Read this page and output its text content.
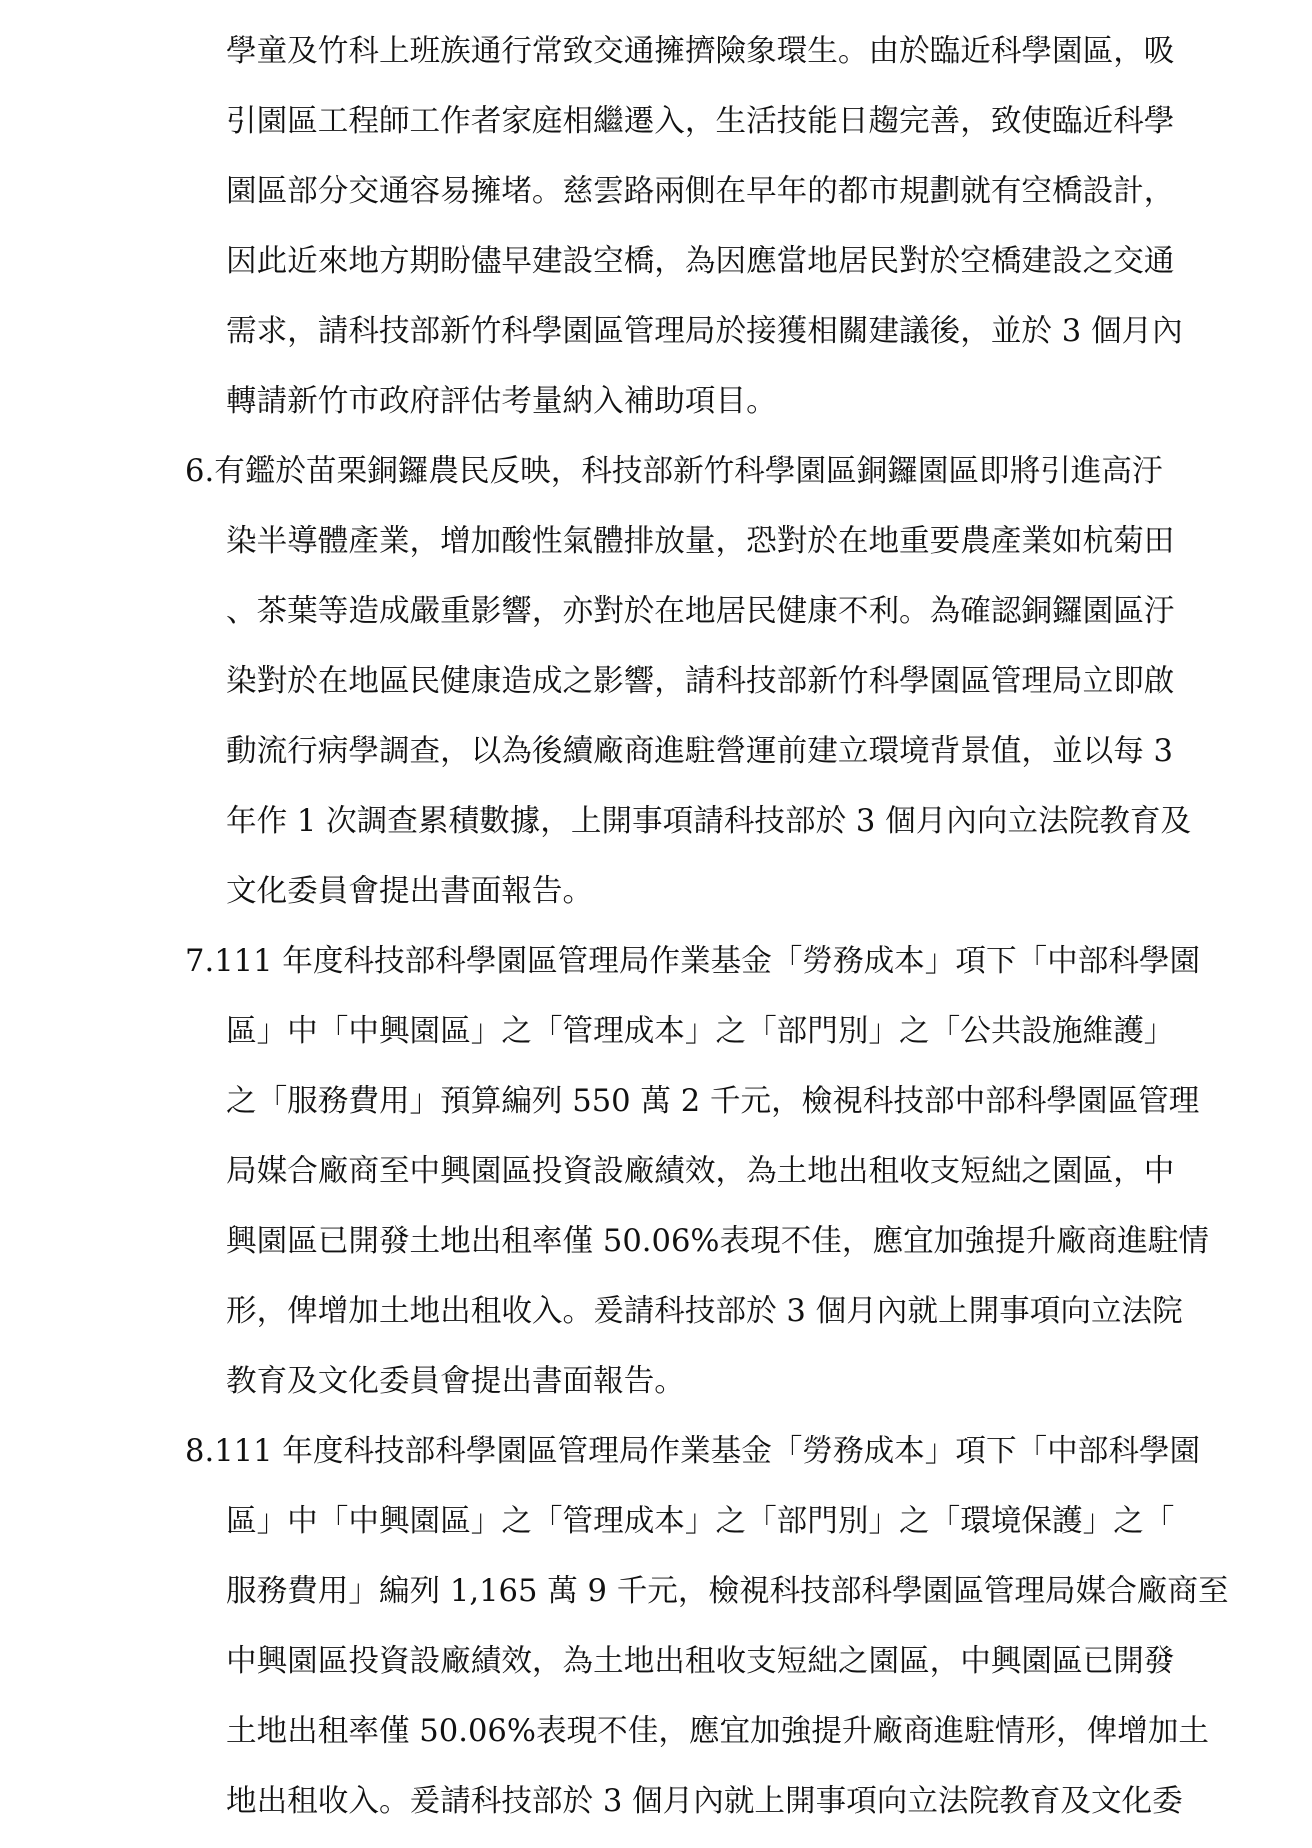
學童及竹科上班族通行常致交通擁擠險象環生。由於臨近科學園區，吸
引園區工程師工作者家庭相繼遷入，生活技能日趨完善，致使臨近科學
園區部分交通容易擁堵。慈雲路兩側在早年的都市規劃就有空橋設計，
因此近來地方期盼儘早建設空橋，為因應當地居民對於空橋建設之交通
需求，請科技部新竹科學園區管理局於接獲相關建議後，並於 3 個月內
轉請新竹市政府評估考量納入補助項目。
6.有鑑於苗栗銅鑼農民反映，科技部新竹科學園區銅鑼園區即將引進高汙
染半導體產業，增加酸性氣體排放量，恐對於在地重要農產業如杭菊田
、茶葉等造成嚴重影響，亦對於在地居民健康不利。為確認銅鑼園區汙
染對於在地區民健康造成之影響，請科技部新竹科學園區管理局立即啟
動流行病學調查，以為後續廠商進駐營運前建立環境背景值，並以每 3
年作 1 次調查累積數據，上開事項請科技部於 3 個月內向立法院教育及
文化委員會提出書面報告。
7.111 年度科技部科學園區管理局作業基金「勞務成本」項下「中部科學園
區」中「中興園區」之「管理成本」之「部門別」之「公共設施維護」
之「服務費用」預算編列 550 萬 2 千元，檢視科技部中部科學園區管理
局媒合廠商至中興園區投資設廠績效，為土地出租收支短絀之園區，中
興園區已開發土地出租率僅 50.06%表現不佳，應宜加強提升廠商進駐情
形，俾增加土地出租收入。爰請科技部於 3 個月內就上開事項向立法院
教育及文化委員會提出書面報告。
8.111 年度科技部科學園區管理局作業基金「勞務成本」項下「中部科學園
區」中「中興園區」之「管理成本」之「部門別」之「環境保護」之「
服務費用」編列 1,165 萬 9 千元，檢視科技部科學園區管理局媒合廠商至
中興園區投資設廠績效，為土地出租收支短絀之園區，中興園區已開發
土地出租率僅 50.06%表現不佳，應宜加強提升廠商進駐情形，俾增加土
地出租收入。爰請科技部於 3 個月內就上開事項向立法院教育及文化委
